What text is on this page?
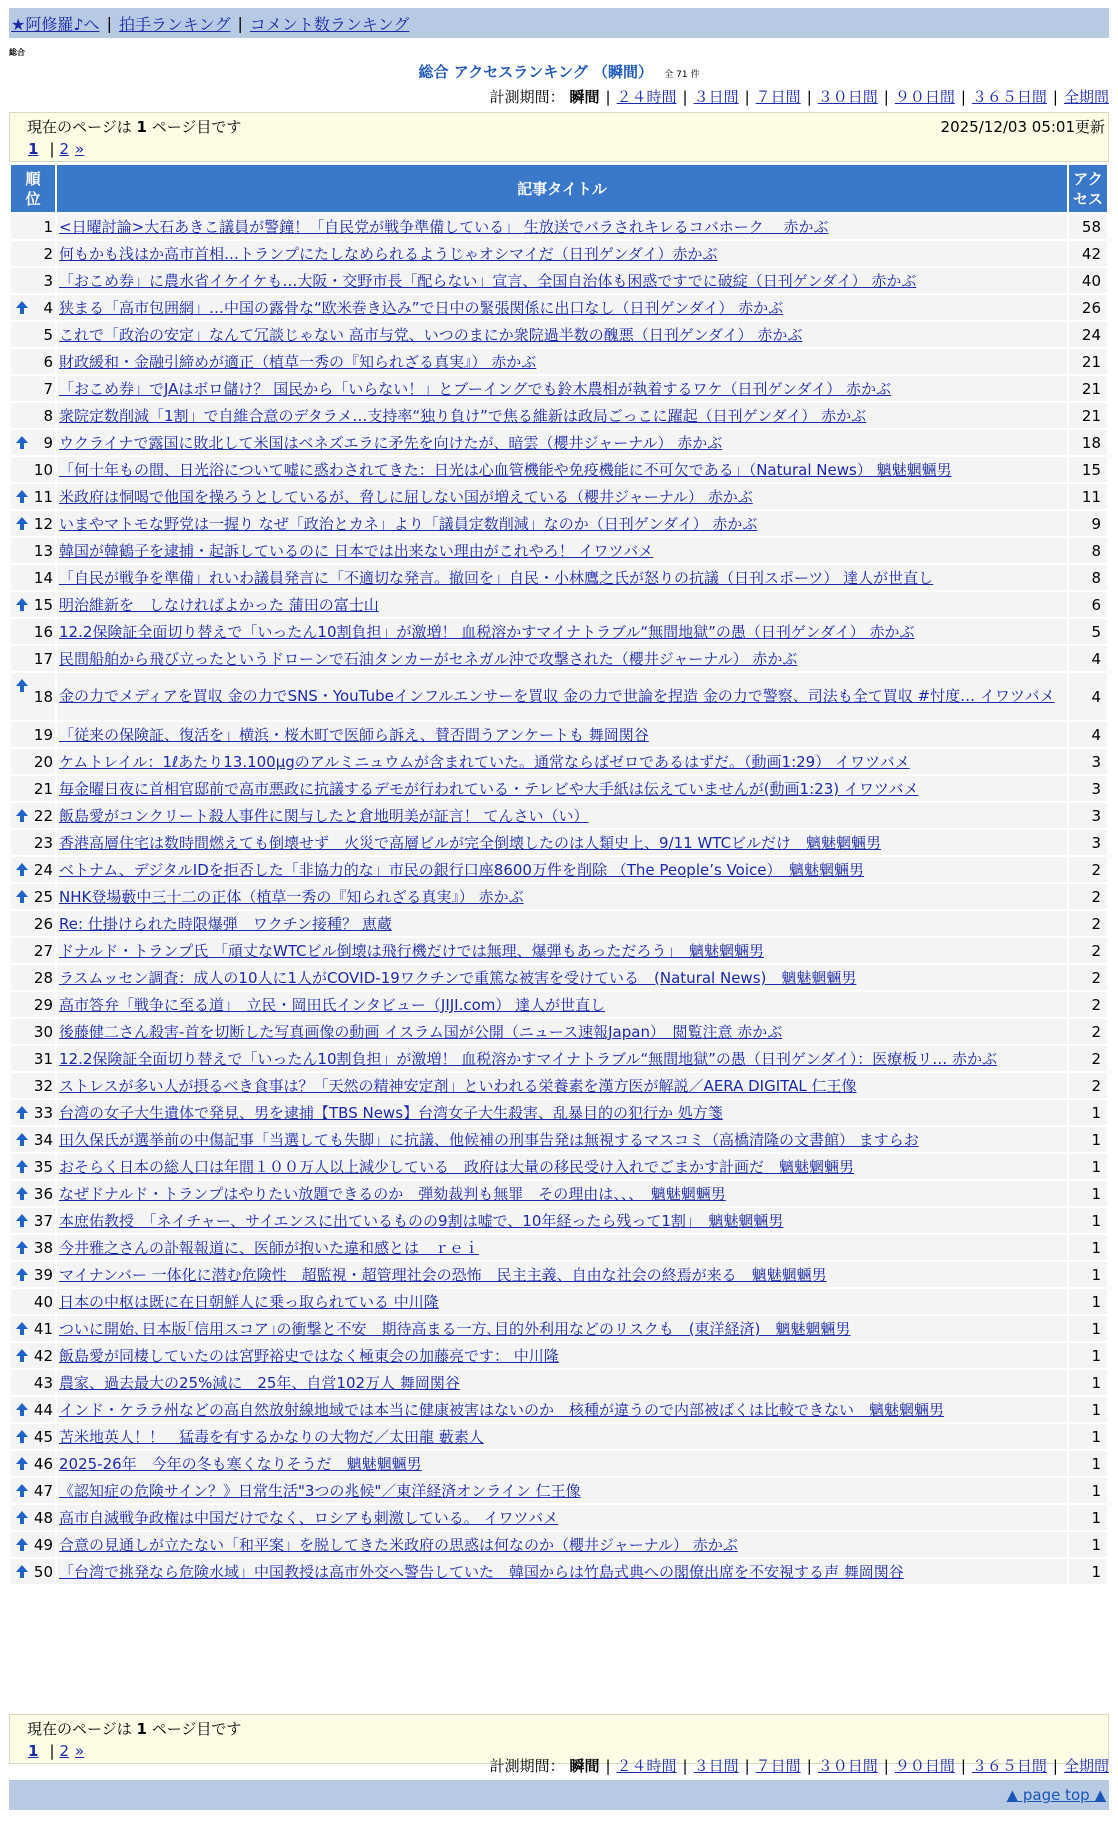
★阿修羅♪へ | 拍手ランキング | コメント数ランキング
総合
総合 アクセスランキング （瞬間） 全 71 件
計測期間： 瞬間 | ２４時間 | ３日間 | ７日間 | ３０日間 | ９０日間 | ３６５日間 | 全期間
現在のページは 1 ページ目です	2025/12/03 05:01更新
1 | 2 »
順
位	記事タイトル	アク
セス
1	<日曜討論>大石あきこ議員が警鐘！「自民党が戦争準備している」 生放送でバラされキレるコバホーク　 赤かぶ	58
2	何もかも浅はか高市首相…トランプにたしなめられるようじゃオシマイだ（日刊ゲンダイ）赤かぶ	42
3	「おこめ券」に農水省イケイケも…大阪・交野市長「配らない」宣言、全国自治体も困惑ですでに破綻（日刊ゲンダイ） 赤かぶ	40

4	狭まる「高市包囲網」…中国の露骨な“欧米巻き込み”で日中の緊張関係に出口なし（日刊ゲンダイ） 赤かぶ	26
5	これで「政治の安定」なんて冗談じゃない 高市与党、いつのまにか衆院過半数の醜悪（日刊ゲンダイ） 赤かぶ	24
6	財政緩和・金融引締めが適正（植草一秀の『知られざる真実』） 赤かぶ	21
7	「おこめ券」でJAはボロ儲け？ 国民から「いらない！」とブーイングでも鈴木農相が執着するワケ（日刊ゲンダイ） 赤かぶ	21
8	衆院定数削減「1割」で自維合意のデタラメ…支持率“独り負け”で焦る維新は政局ごっこに躍起（日刊ゲンダイ） 赤かぶ	21

9	ウクライナで露国に敗北して米国はベネズエラに矛先を向けたが、暗雲（櫻井ジャーナル） 赤かぶ	18
10	「何十年もの間、日光浴について嘘に惑わされてきた：日光は心血管機能や免疫機能に不可欠である」（Natural News） 魑魅魍魎男	15

11	米政府は恫喝で他国を操ろうとしているが、脅しに屈しない国が増えている（櫻井ジャーナル） 赤かぶ	11

12	いまやマトモな野党は一握り なぜ「政治とカネ」より「議員定数削減」なのか（日刊ゲンダイ） 赤かぶ	9
13	韓国が韓鶴子を逮捕・起訴しているのに 日本では出来ない理由がこれやろ！ イワツバメ	8
14	「自民が戦争を準備」れいわ議員発言に「不適切な発言。撤回を」自民・小林鷹之氏が怒りの抗議（日刊スポーツ） 達人が世直し	8

15	明治維新を　しなければよかった 蒲田の富士山	6
16	12.2保険証全面切り替えで「いったん10割負担」が激増！ 血税溶かすマイナトラブル“無間地獄”の愚（日刊ゲンダイ） 赤かぶ	5
17	民間船舶から飛び立ったというドローンで石油タンカーがセネガル沖で攻撃された（櫻井ジャーナル） 赤かぶ	4

18	金の力でメディアを買収 金の力でSNS・YouTubeインフルエンサーを買収 金の力で世論を捏造 金の力で警察、司法も全て買収 #忖度… イワツバメ	4
19	「従来の保険証、復活を」横浜・桜木町で医師ら訴え、賛否問うアンケートも 舞岡関谷	4
20	ケムトレイル：1ℓあたり13.100μgのアルミニュウムが含まれていた。通常ならばゼロであるはずだ。（動画1:29） イワツバメ	3
21	毎金曜日夜に首相官邸前で高市悪政に抗議するデモが行われている・テレビや大手紙は伝えていませんが(動画1:23) イワツバメ	3

22	飯島愛がコンクリート殺人事件に関与したと倉地明美が証言！ てんさい（い）	3
23	香港高層住宅は数時間燃えても倒壊せず　火災で高層ビルが完全倒壊したのは人類史上、9/11 WTCビルだけ　魑魅魍魎男	3

24	ベトナム、デジタルIDを拒否した「非協力的な」市民の銀行口座8600万件を削除 （The People’s Voice）　魑魅魍魎男	2

25	NHK登場藪中三十二の正体（植草一秀の『知られざる真実』） 赤かぶ	2
26	Re: 仕掛けられた時限爆弾　ワクチン接種？ 恵蔵	2
27	ドナルド・トランプ氏 「頑丈なWTCビル倒壊は飛行機だけでは無理、爆弾もあっただろう」　魑魅魍魎男	2
28	ラスムッセン調査：成人の10人に1人がCOVID-19ワクチンで重篤な被害を受けている　(Natural News)　魑魅魍魎男	2
29	高市答弁「戦争に至る道」　立民・岡田氏インタビュー（JIJI.com） 達人が世直し	2
30	後藤健二さん殺害-首を切断した写真画像の動画 イスラム国が公開（ニュース速報Japan）　閲覧注意 赤かぶ	2
31	12.2保険証全面切り替えで「いったん10割負担」が激増！ 血税溶かすマイナトラブル“無間地獄”の愚（日刊ゲンダイ）：医療板リ… 赤かぶ	2
32	ストレスが多い人が摂るべき食事は？「天然の精神安定剤」といわれる栄養素を漢方医が解説／AERA DIGITAL 仁王像	2

33	台湾の女子大生遺体で発見、男を逮捕【TBS News】台湾女子大生殺害、乱暴目的の犯行か 処方箋	1

34	田久保氏が選挙前の中傷記事「当選しても失脚」に抗議、他候補の刑事告発は無視するマスコミ（高橋清隆の文書館） ますらお	1

35	おそらく日本の総人口は年間１００万人以上減少している　政府は大量の移民受け入れでごまかす計画だ　魑魅魍魎男	1

36	なぜドナルド・トランプはやりたい放題できるのか　弾劾裁判も無罪　その理由は、、、　魑魅魍魎男	1

37	本庶佑教授　「ネイチャー、サイエンスに出ているものの9割は嘘で、10年経ったら残って1割」　魑魅魍魎男	1

38	今井雅之さんの訃報報道に、医師が抱いた違和感とは　ｒｅｉ	1

39	マイナンバー 一体化に潜む危険性　超監視・超管理社会の恐怖　民主主義、自由な社会の終焉が来る　魑魅魍魎男	1
40	日本の中枢は既に在日朝鮮人に乗っ取られている 中川隆	1

41	ついに開始､日本版｢信用スコア｣の衝撃と不安　期待高まる一方､目的外利用などのリスクも　(東洋経済)　魑魅魍魎男	1

42	飯島愛が同棲していたのは宮野裕史ではなく極東会の加藤亮です： 中川隆	1
43	農家、過去最大の25%減に　25年、自営102万人 舞岡関谷	1

44	インド・ケララ州などの高自然放射線地域では本当に健康被害はないのか　核種が違うので内部被ばくは比較できない　魑魅魍魎男	1

45	苫米地英人！！　猛毒を有するかなりの大物だ／太田龍 藪素人	1

46	2025-26年　今年の冬も寒くなりそうだ　魑魅魍魎男	1

47	《認知症の危険サイン？》日常生活"3つの兆候"／東洋経済オンライン 仁王像	1

48	高市自滅戦争政権は中国だけでなく、ロシアも刺激している。 イワツバメ	1

49	合意の見通しが立たない「和平案」を脱してきた米政府の思惑は何なのか（櫻井ジャーナル） 赤かぶ	1

50	「台湾で挑発なら危険水域」中国教授は高市外交へ警告していた　韓国からは竹島式典への閣僚出席を不安視する声 舞岡関谷	1
現在のページは 1 ページ目です
1 | 2 »
計測期間： 瞬間 | ２４時間 | ３日間 | ７日間 | ３０日間 | ９０日間 | ３６５日間 | 全期間
▲ page top ▲
